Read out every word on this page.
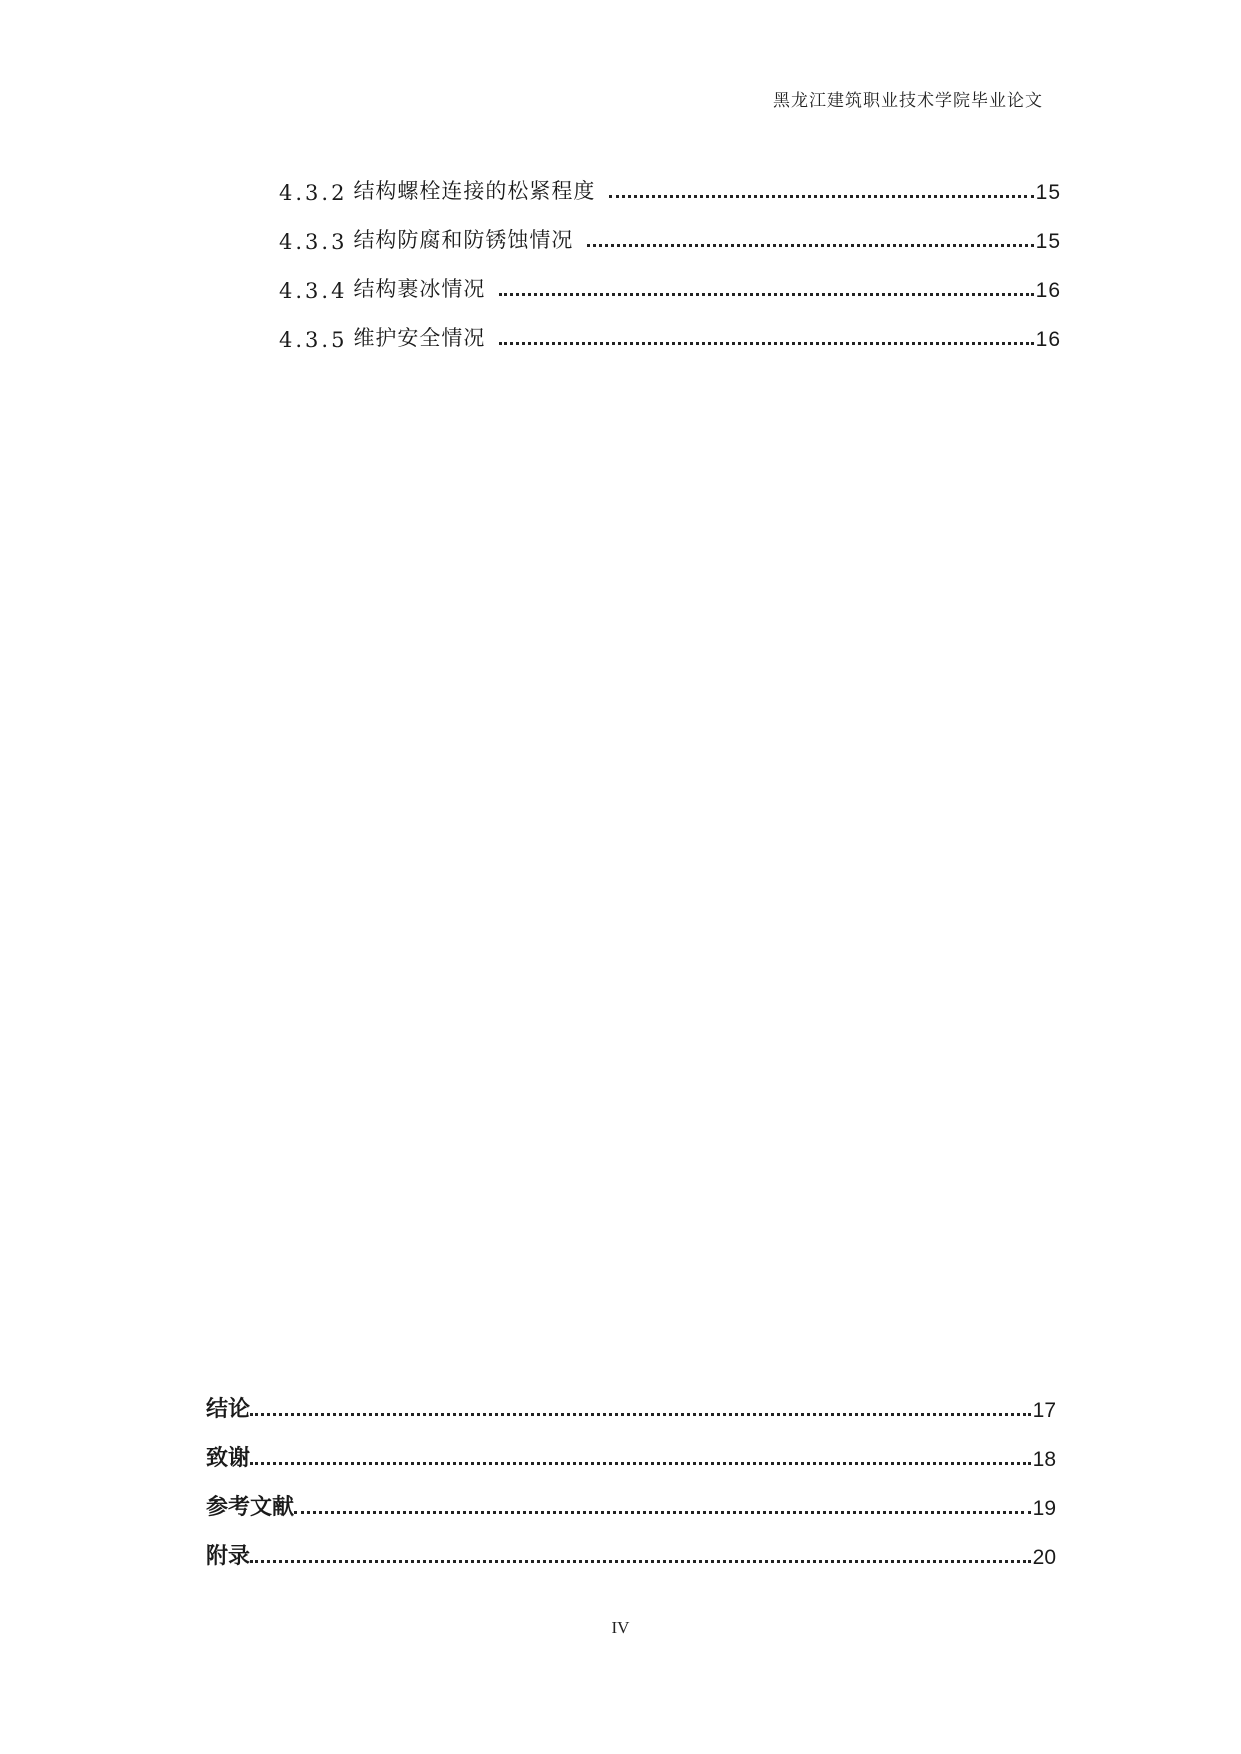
黑龙江建筑职业技术学院毕业论文
4.3.2 结构螺栓连接的松紧程度	15
4.3.3 结构防腐和防锈蚀情况	15
4.3.4 结构裹冰情况	16
4.3.5 维护安全情况	16
结论	17
致谢	18
参考文献	19
附录	20
IV
